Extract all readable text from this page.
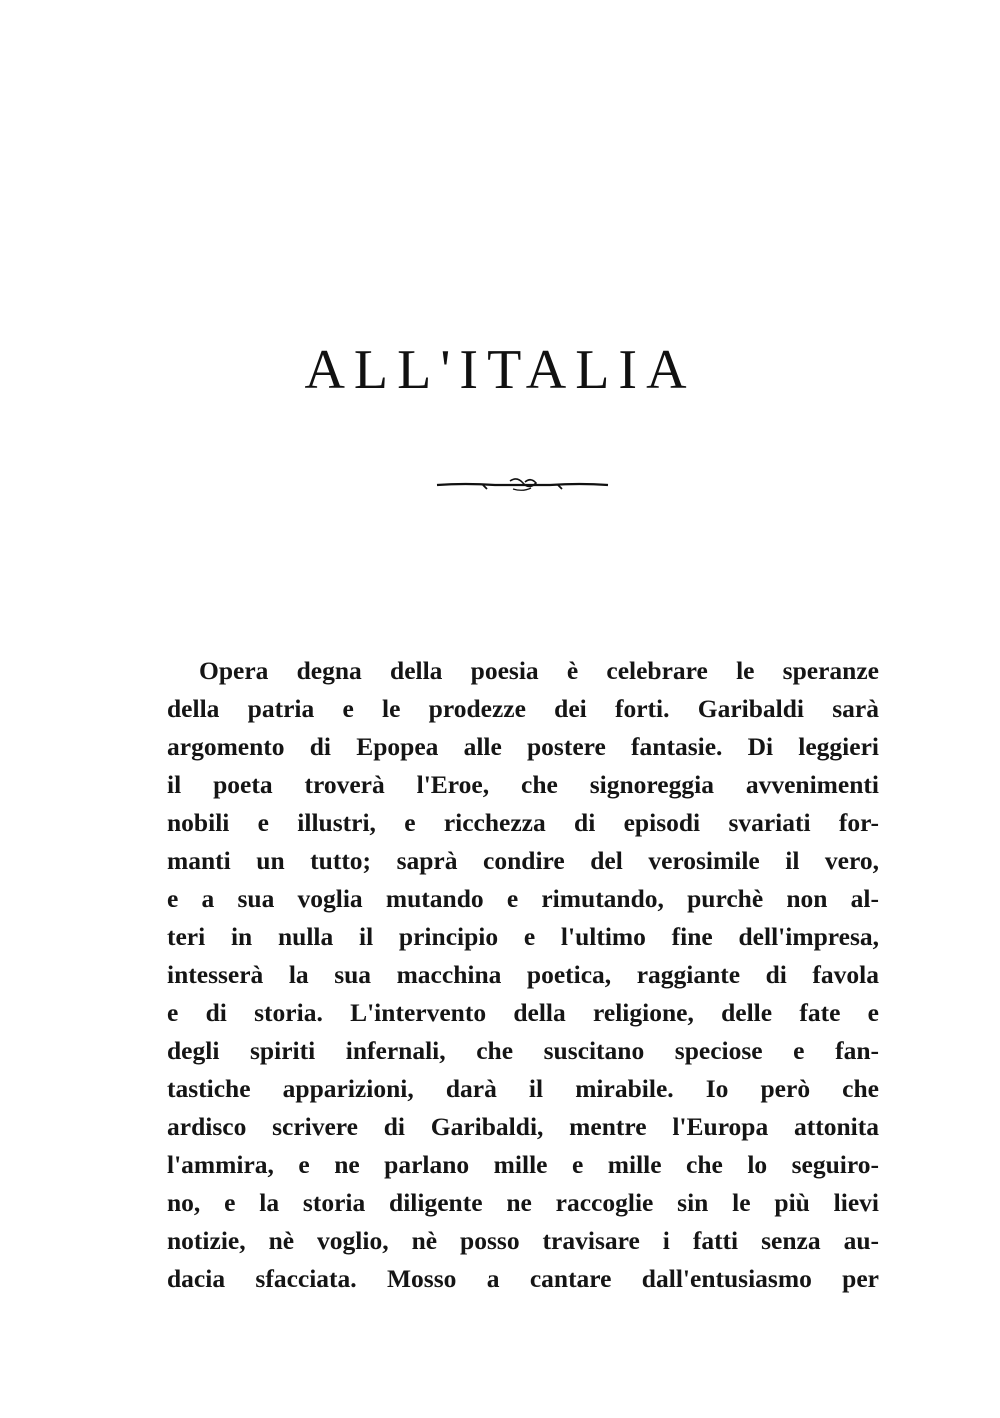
ALL'ITALIA
Opera degna della poesia è celebrare le speranze
della patria e le prodezze dei forti. Garibaldi sarà
argomento di Epopea alle postere fantasie. Di leggieri
il poeta troverà l'Eroe, che signoreggia avvenimenti
nobili e illustri, e ricchezza di episodi svariati for-
manti un tutto; saprà condire del verosimile il vero,
e a sua voglia mutando e rimutando, purchè non al-
teri in nulla il principio e l'ultimo fine dell'impresa,
intesserà la sua macchina poetica, raggiante di favola
e di storia. L'intervento della religione, delle fate e
degli spiriti infernali, che suscitano speciose e fan-
tastiche apparizioni, darà il mirabile. Io però che
ardisco scrivere di Garibaldi, mentre l'Europa attonita
l'ammira, e ne parlano mille e mille che lo seguiro-
no, e la storia diligente ne raccoglie sin le più lievi
notizie, nè voglio, nè posso travisare i fatti senza au-
dacia sfacciata. Mosso a cantare dall'entusiasmo per
